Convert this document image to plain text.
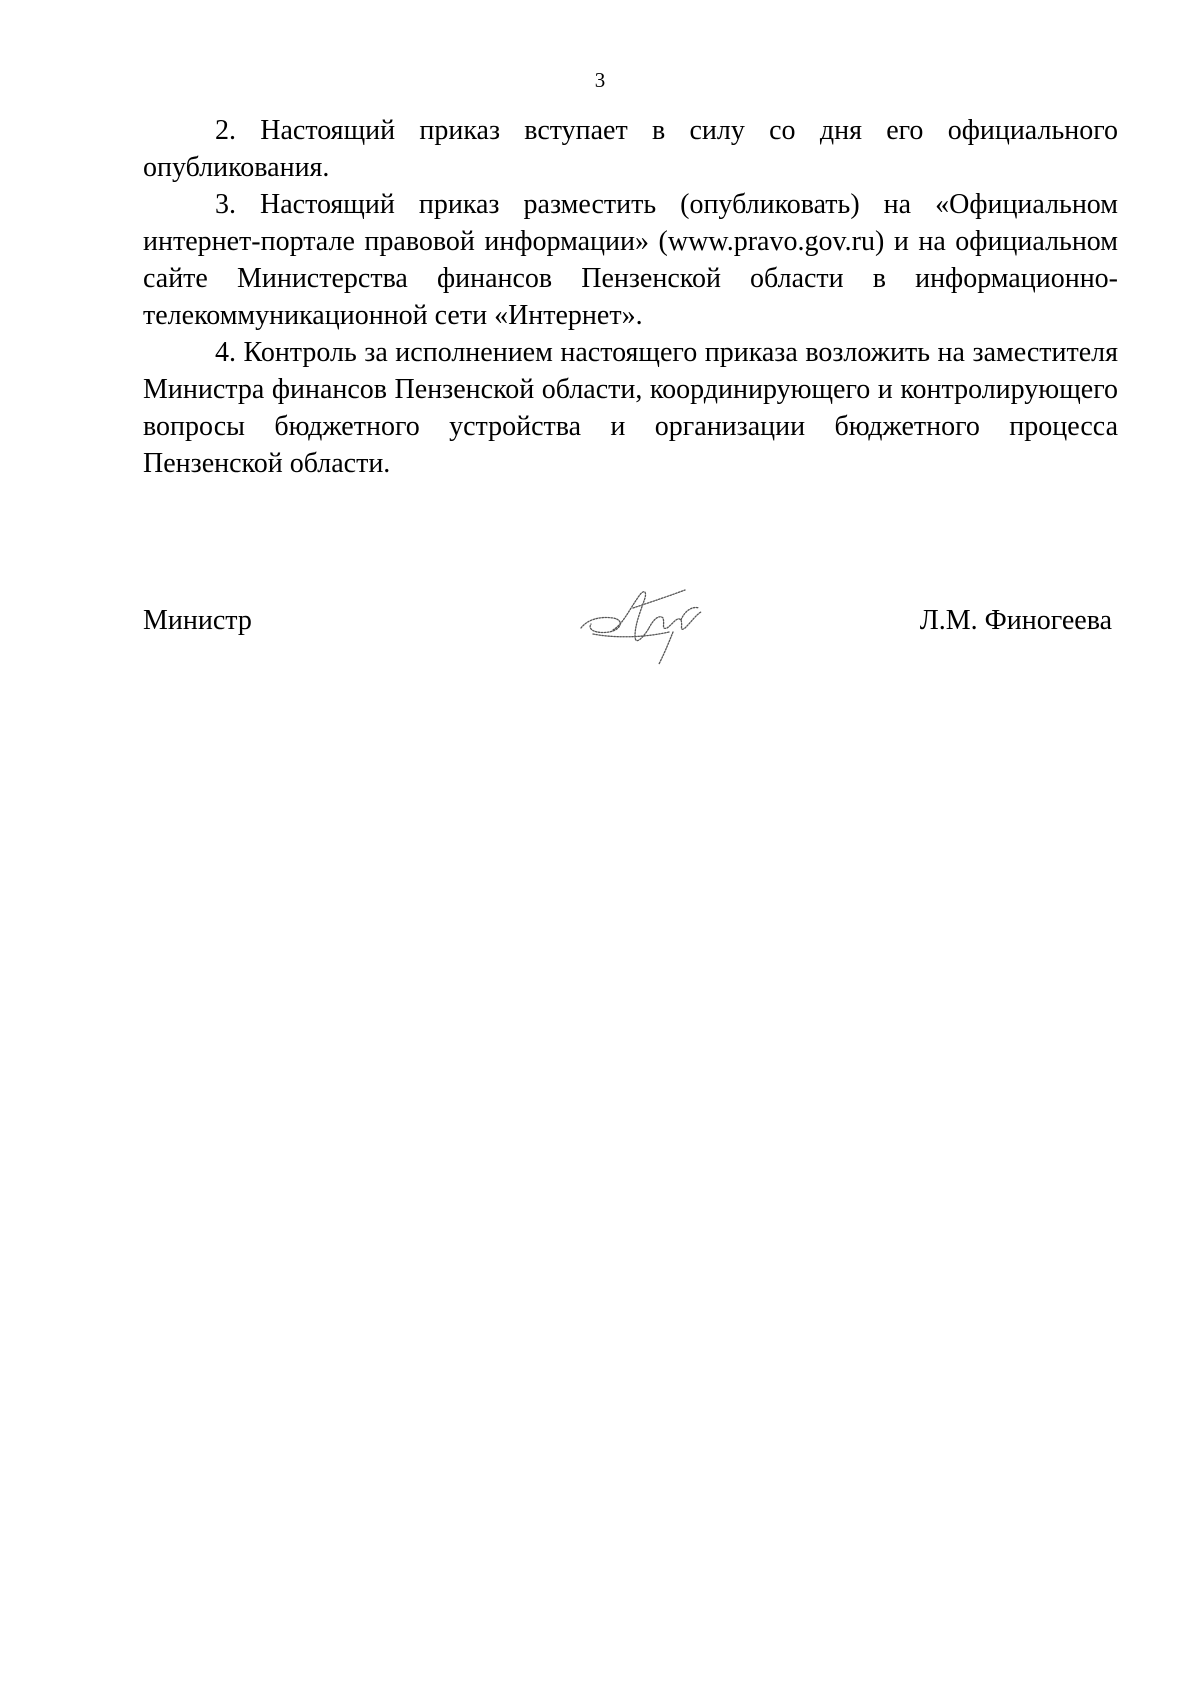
3

2. Настоящий приказ вступает в силу со дня его официального опубликования.

3. Настоящий приказ разместить (опубликовать) на «Официальном интернет-портале правовой информации» (www.pravo.gov.ru) и на официальном сайте Министерства финансов Пензенской области в информационно-телекоммуникационной сети «Интернет».

4. Контроль за исполнением настоящего приказа возложить на заместителя Министра финансов Пензенской области, координирующего и контролирующего вопросы бюджетного устройства и организации бюджетного процесса Пензенской области.

Министр	Л.М. Финогеева
